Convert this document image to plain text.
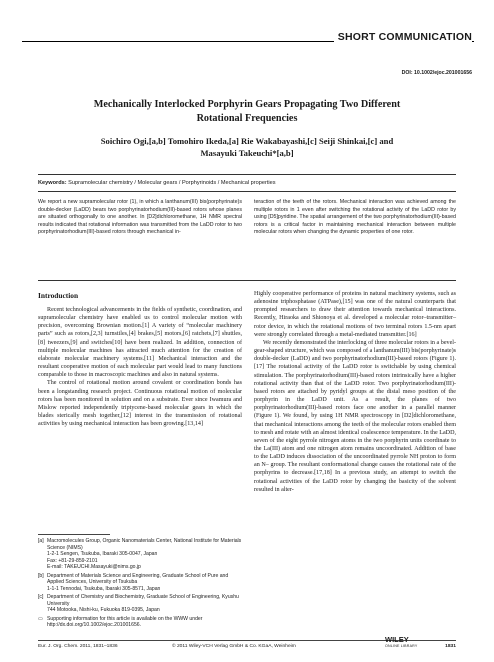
SHORT COMMUNICATION
DOI: 10.1002/ejoc.201001656
Mechanically Interlocked Porphyrin Gears Propagating Two Different
Rotational Frequencies
Soichiro Ogi,[a,b] Tomohiro Ikeda,[a] Rie Wakabayashi,[c] Seiji Shinkai,[c] and
Masayuki Takeuchi*[a,b]
Keywords: Supramolecular chemistry / Molecular gears / Porphyrinoids / Mechanical properties
We report a new supramolecular rotor (1), in which a lanthanum(III) bis(porphyrinate)s double-decker (LaDD) bears two porphyrinatorhodium(III)-based rotors whose planes are situated orthogonally to one another. In [D2]dichloromethane, 1H NMR spectral results indicated that rotational information was transmitted from the LaDD rotor to two porphyrinatorhodium(III)-based rotors through mechanical in-
teraction of the teeth of the rotors. Mechanical interaction was achieved among the multiple rotors in 1 even after switching the rotational activity of the LaDD rotor by using [D5]pyridine. The spatial arrangement of the two porphyrinatorhodium(III)-based rotors is a critical factor in maintaining mechanical interaction between multiple molecular rotors when changing the dynamic properties of one rotor.
Introduction

Recent technological advancements in the fields of synthetic, coordination, and supramolecular chemistry have enabled us to control molecular motion with precision, overcoming Brownian motion.[1] A variety of “molecular machinery parts” such as rotors,[2,3] turnstiles,[4] brakes,[5] motors,[6] ratchets,[7] shuttles,[8] tweezers,[9] and switches[10] have been realized. In addition, connection of multiple molecular machines has attracted much attention for the creation of elaborate molecular machinery systems.[11] Mechanical interaction and the resultant cooperative motion of each molecular part would lead to many functions comparable to those in macroscopic machines and also in natural systems.

The control of rotational motion around covalent or coordination bonds has been a longstanding research project. Continuous rotational motion of molecular rotors has been monitored in solution and on a substrate. Ever since Iwamura and Mislow reported independently triptycene-based molecular gears in which the blades sterically mesh together,[12] interest in the transmission of rotational activities by using mechanical interaction has been growing.[13,14]

Highly cooperative performance of proteins in natural machinery systems, such as adenosine triphosphatase (ATPase),[15] was one of the natural counterparts that prompted researchers to draw their attention towards mechanical interactions. Recently, Hiraoka and Shionoya et al. developed a molecular rotor–transmitter–rotor device, in which the rotational motions of two terminal rotors 1.5-nm apart were strongly correlated through a metal-mediated transmitter.[16]

We recently demonstrated the interlocking of three molecular rotors in a bevel-gear-shaped structure, which was composed of a lanthanum(III) bis(porphyrinate)s double-decker (LaDD) and two porphyrinatorhodium(III)-based rotors (Figure 1).[17] The rotational activity of the LaDD rotor is switchable by using chemical stimulation. The porphyrinatorhodium(III)-based rotors intrinsically have a higher rotational activity than that of the LaDD rotor. Two porphyrinatorhodium(III)-based rotors are attached by pyridyl groups at the distal meso position of the porphyrin in the LaDD unit. As a result, the planes of two porphyrinatorhodium(III)-based rotors face one another in a parallel manner (Figure 1). We found, by using 1H NMR spectroscopy in [D2]dichloromethane, that mechanical interactions among the teeth of the molecular rotors enabled them to mesh and rotate with an almost identical coalescence temperature. In the LaDD, seven of the eight pyrrole nitrogen atoms in the two porphyrin units coordinate to the La(III) atom and one nitrogen atom remains uncoordinated. Addition of base to the LaDD induces dissociation of the uncoordinated pyrrole NH proton to form an N– group. The resultant conformational change causes the rotational rate of the porphyrins to decrease.[17,18] In a previous study, an attempt to switch the rotational activities of the LaDD rotor by changing the basicity of the solvent resulted in alter-

[a] Macromolecules Group, Organic Nanomaterials Center, National Institute for Materials Science (NIMS)
1-2-1 Sengen, Tsukuba, Ibaraki 305-0047, Japan
Fax: +81-29-859-2101
E-mail: TAKEUCHI.Masayuki@nims.go.jp
[b] Department of Materials Science and Engineering, Graduate School of Pure and Applied Sciences, University of Tsukuba
1-1-1 Tennodai, Tsukuba, Ibaraki 305-8571, Japan
[c] Department of Chemistry and Biochemistry, Graduate School of Engineering, Kyushu University
744 Motooka, Nishi-ku, Fukuoka 819-0395, Japan
▭ Supporting information for this article is available on the WWW under http://dx.doi.org/10.1002/ejoc.201001656.
Eur. J. Org. Chem. 2011, 1831–1836	© 2011 Wiley-VCH Verlag GmbH & Co. KGaA, Weinheim
WILEY
ONLINE LIBRARY	1831
